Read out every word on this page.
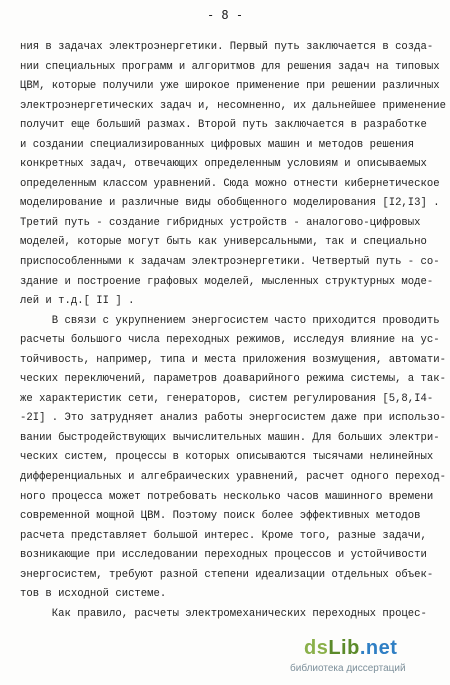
- 8 -
ния в задачах электроэнергетики. Первый путь заключается в созда-
нии специальных программ и алгоритмов для решения задач на типовых
ЦВМ, которые получили уже широкое применение при решении различных
электроэнергетических задач и, несомненно, их дальнейшее применение
получит еще больший размах. Второй путь заключается в разработке
и создании специализированных цифровых машин и методов решения
конкретных задач, отвечающих определенным условиям и описываемых
определенным классом уравнений. Сюда можно отнести кибернетическое
моделирование и различные виды обобщенного моделирования [I2,I3] .
Третий путь - создание гибридных устройств - аналогово-цифровых
моделей, которые могут быть как универсальными, так и специально
приспособленными к задачам электроэнергетики. Четвертый путь - со-
здание и построение графовых моделей, мысленных структурных моде-
лей и т.д.[ II ] .
В связи с укрупнением энергосистем часто приходится проводить
расчеты большого числа переходных режимов, исследуя влияние на ус-
тойчивость, например, типа и места приложения возмущения, автомати-
ческих переключений, параметров доаварийного режима системы, а так-
же характеристик сети, генераторов, систем регулирования [5,8,I4-
-2I] . Это затрудняет анализ работы энергосистем даже при использо-
вании быстродействующих вычислительных машин. Для больших электри-
ческих систем, процессы в которых описываются тысячами нелинейных
дифференциальных и алгебраических уравнений, расчет одного переход-
ного процесса может потребовать несколько часов машинного времени
современной мощной ЦВМ. Поэтому поиск более эффективных методов
расчета представляет большой интерес. Кроме того, разные задачи,
возникающие при исследовании переходных процессов и устойчивости
энергосистем, требуют разной степени идеализации отдельных объек-
тов в исходной системе.
Как правило, расчеты электромеханических переходных процес-
dsLib.net
библиотека диссертаций
